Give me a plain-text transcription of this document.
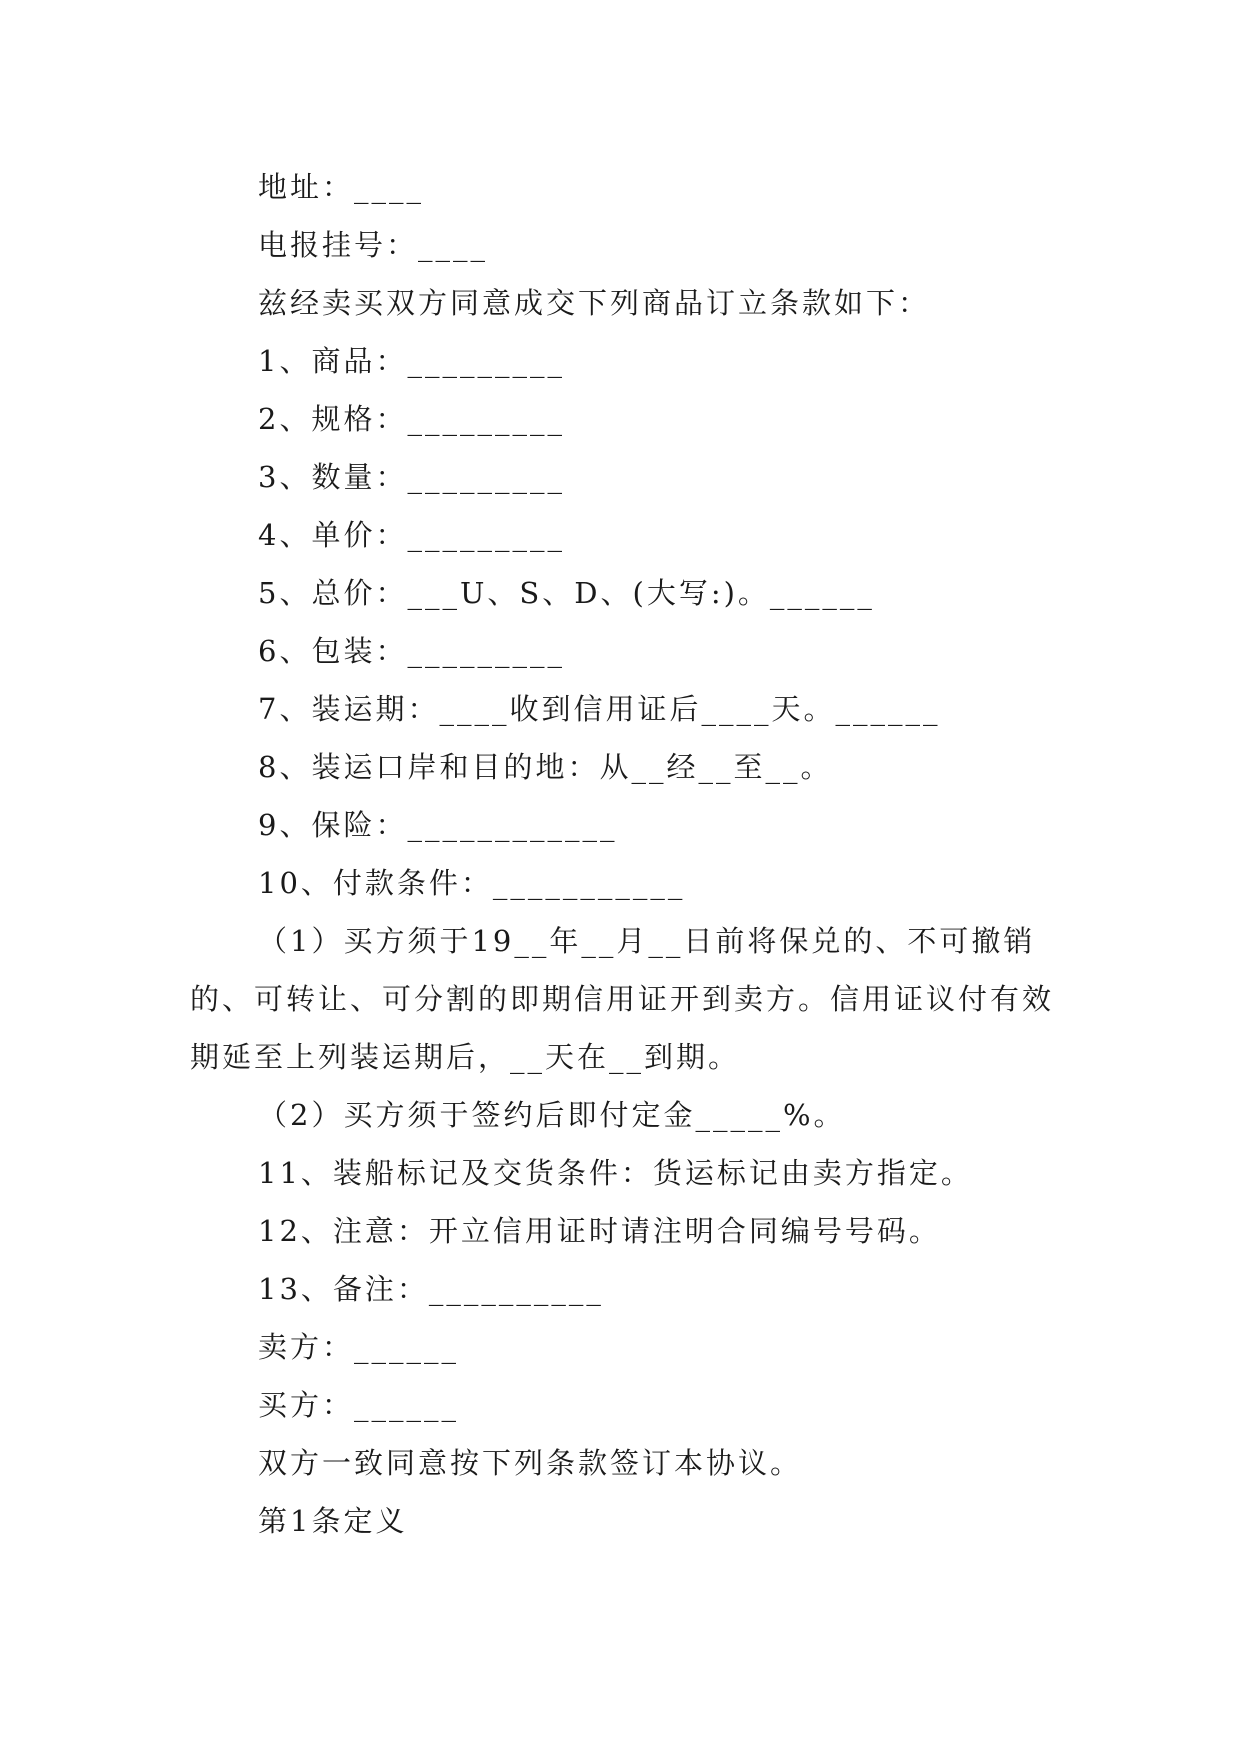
地址：____
电报挂号：____
兹经卖买双方同意成交下列商品订立条款如下：
1、商品：_________
2、规格：_________
3、数量：_________
4、单价：_________
5、总价：___U、S、D、(大写:)。______
6、包装：_________
7、装运期：____收到信用证后____天。______
8、装运口岸和目的地：从__经__至__。
9、保险：____________
10、付款条件：___________
（1）买方须于19__年__月__日前将保兑的、不可撤销的、可转让、可分割的即期信用证开到卖方。信用证议付有效期延至上列装运期后，__天在__到期。
（2）买方须于签约后即付定金_____%。
11、装船标记及交货条件：货运标记由卖方指定。
12、注意：开立信用证时请注明合同编号号码。
13、备注：__________
卖方：______
买方：______
双方一致同意按下列条款签订本协议。
第1条定义
